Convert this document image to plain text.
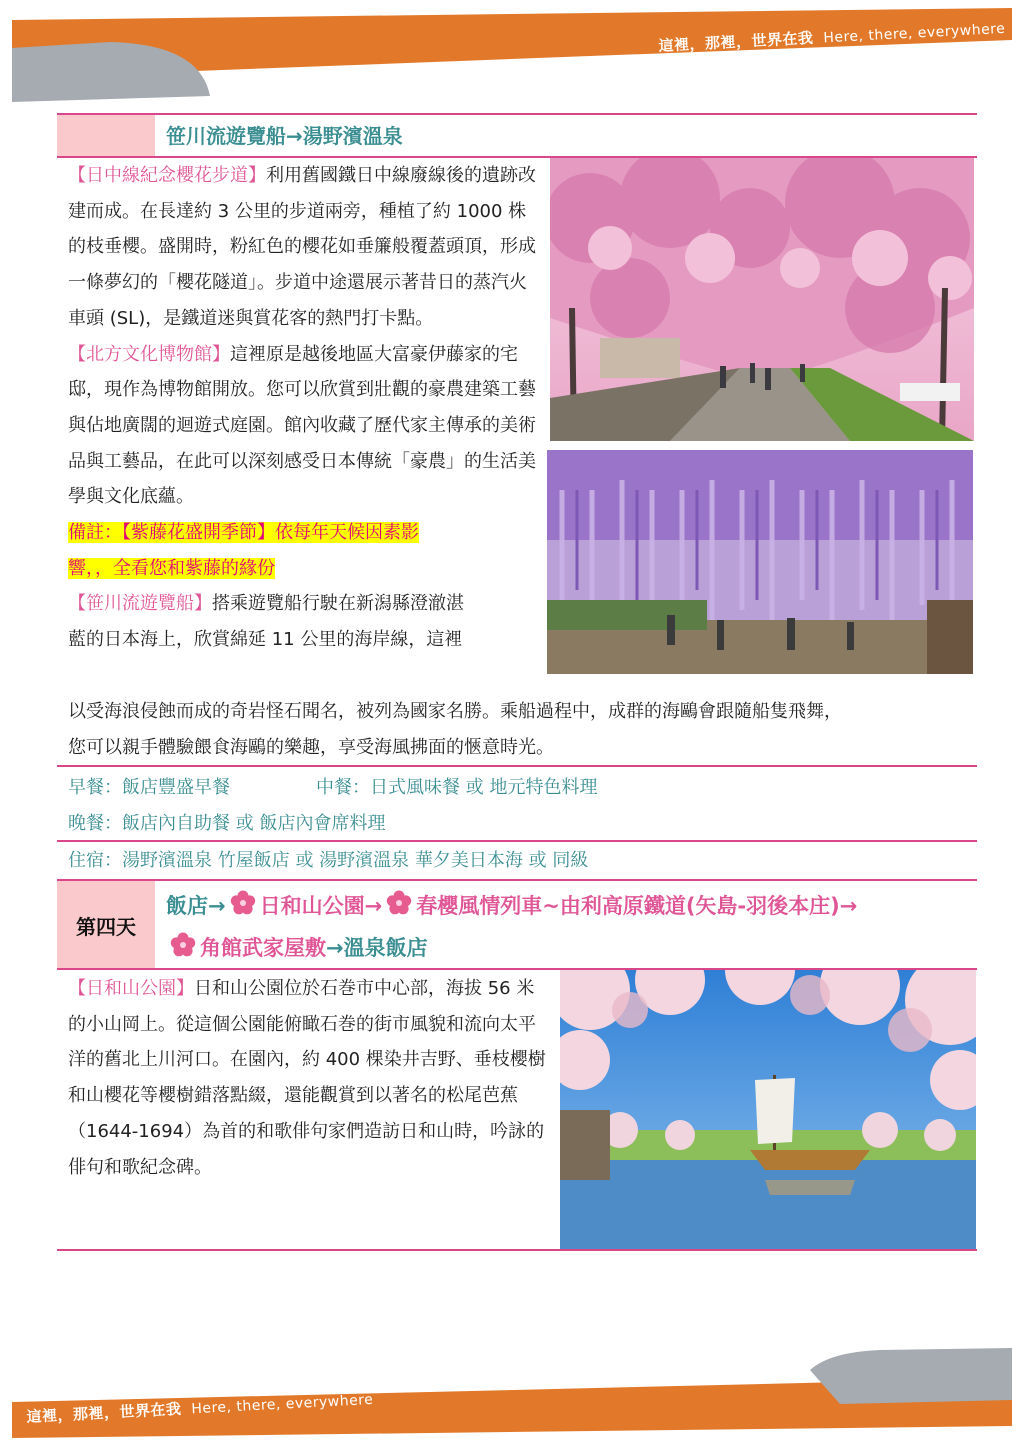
這裡，那裡，世界在我 Here, there, everywhere
笹川流遊覽船→湯野濱溫泉

【日中線紀念櫻花步道】利用舊國鐵日中線廢線後的遺跡改建而成。在長達約 3 公里的步道兩旁，種植了約 1000 株的枝垂櫻。盛開時，粉紅色的櫻花如垂簾般覆蓋頭頂，形成一條夢幻的「櫻花隧道」。步道中途還展示著昔日的蒸汽火車頭 (SL)，是鐵道迷與賞花客的熱門打卡點。

【北方文化博物館】這裡原是越後地區大富豪伊藤家的宅邸，現作為博物館開放。您可以欣賞到壯觀的豪農建築工藝與佔地廣闊的迴遊式庭園。館內收藏了歷代家主傳承的美術品與工藝品，在此可以深刻感受日本傳統「豪農」的生活美學與文化底蘊。

備註：【紫藤花盛開季節】依每年天候因素影
響，，全看您和紫藤的緣份
【笹川流遊覽船】搭乘遊覽船行駛在新潟縣澄澈湛
藍的日本海上，欣賞綿延 11 公里的海岸線，這裡
以受海浪侵蝕而成的奇岩怪石聞名，被列為國家名勝。乘船過程中，成群的海鷗會跟隨船隻飛舞，
您可以親手體驗餵食海鷗的樂趣，享受海風拂面的愜意時光。
早餐：飯店豐盛早餐	中餐：日式風味餐 或 地元特色料理
晚餐：飯店內自助餐 或 飯店內會席料理
住宿：湯野濱溫泉 竹屋飯店 或 湯野濱溫泉 華夕美日本海 或 同級
第四天
飯店→ 日和山公園→ 春櫻風情列車~由利高原鐵道(矢島-羽後本庄)→
角館武家屋敷→溫泉飯店

【日和山公園】日和山公園位於石巻市中心部，海拔 56 米的小山岡上。從這個公園能俯瞰石巻的街市風貌和流向太平洋的舊北上川河口。在園內，約 400 棵染井吉野、垂枝櫻樹和山櫻花等櫻樹錯落點綴，還能觀賞到以著名的松尾芭蕉（1644-1694）為首的和歌俳句家們造訪日和山時，吟詠的俳句和歌紀念碑。

這裡，那裡，世界在我 Here, there, everywhere
